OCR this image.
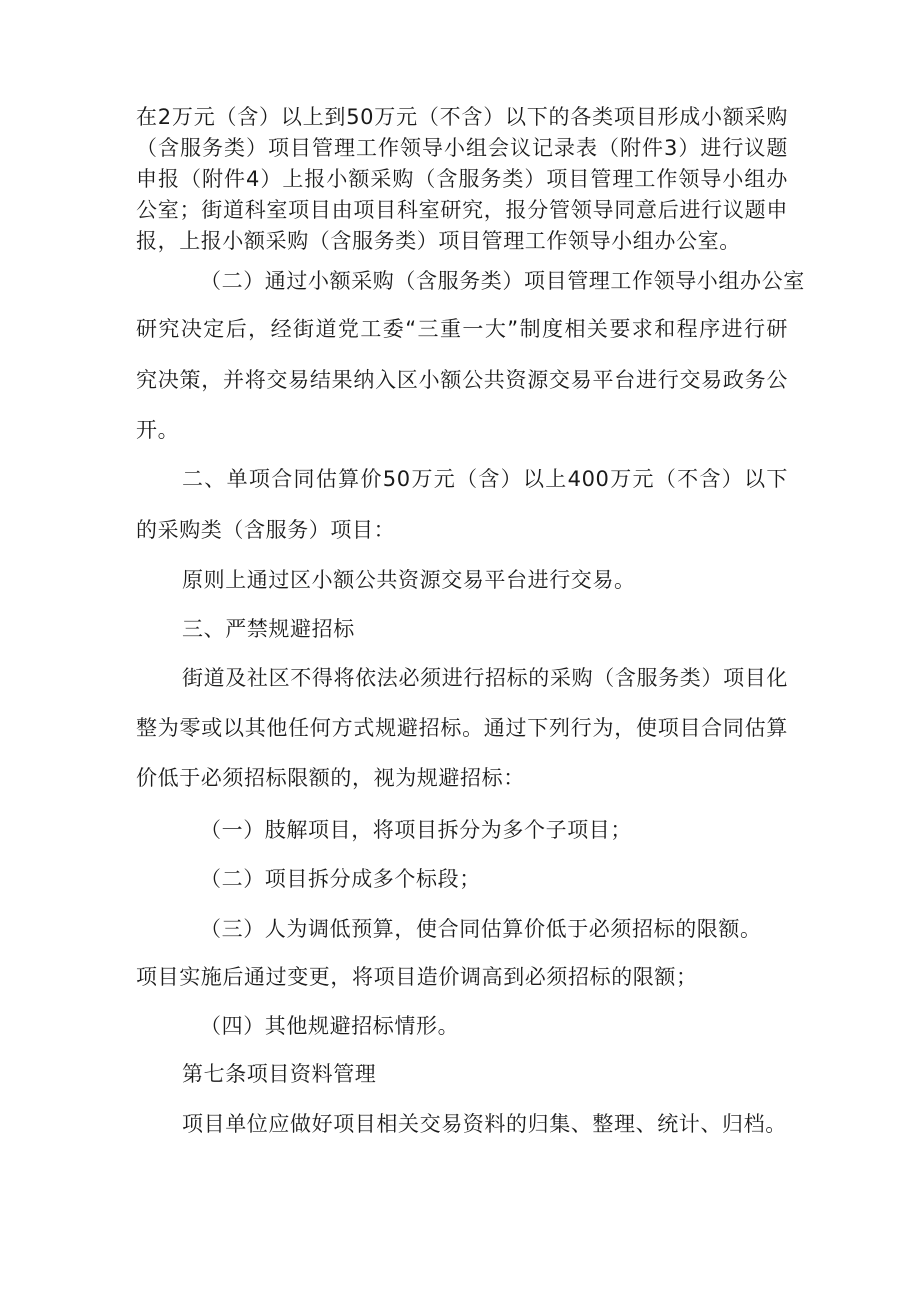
在2万元（含）以上到50万元（不含）以下的各类项目形成小额采购

（含服务类）项目管理工作领导小组会议记录表（附件3）进行议题

申报（附件4）上报小额采购（含服务类）项目管理工作领导小组办

公室；街道科室项目由项目科室研究，报分管领导同意后进行议题申

报，上报小额采购（含服务类）项目管理工作领导小组办公室。

（二）通过小额采购（含服务类）项目管理工作领导小组办公室

研究决定后，经街道党工委“三重一大”制度相关要求和程序进行研

究决策，并将交易结果纳入区小额公共资源交易平台进行交易政务公

开。

二、单项合同估算价50万元（含）以上400万元（不含）以下

的采购类（含服务）项目：

原则上通过区小额公共资源交易平台进行交易。

三、严禁规避招标

街道及社区不得将依法必须进行招标的采购（含服务类）项目化

整为零或以其他任何方式规避招标。通过下列行为，使项目合同估算

价低于必须招标限额的，视为规避招标：

（一）肢解项目，将项目拆分为多个子项目；

（二）项目拆分成多个标段；

（三）人为调低预算，使合同估算价低于必须招标的限额。

项目实施后通过变更，将项目造价调高到必须招标的限额；

（四）其他规避招标情形。

第七条项目资料管理

项目单位应做好项目相关交易资料的归集、整理、统计、归档。
